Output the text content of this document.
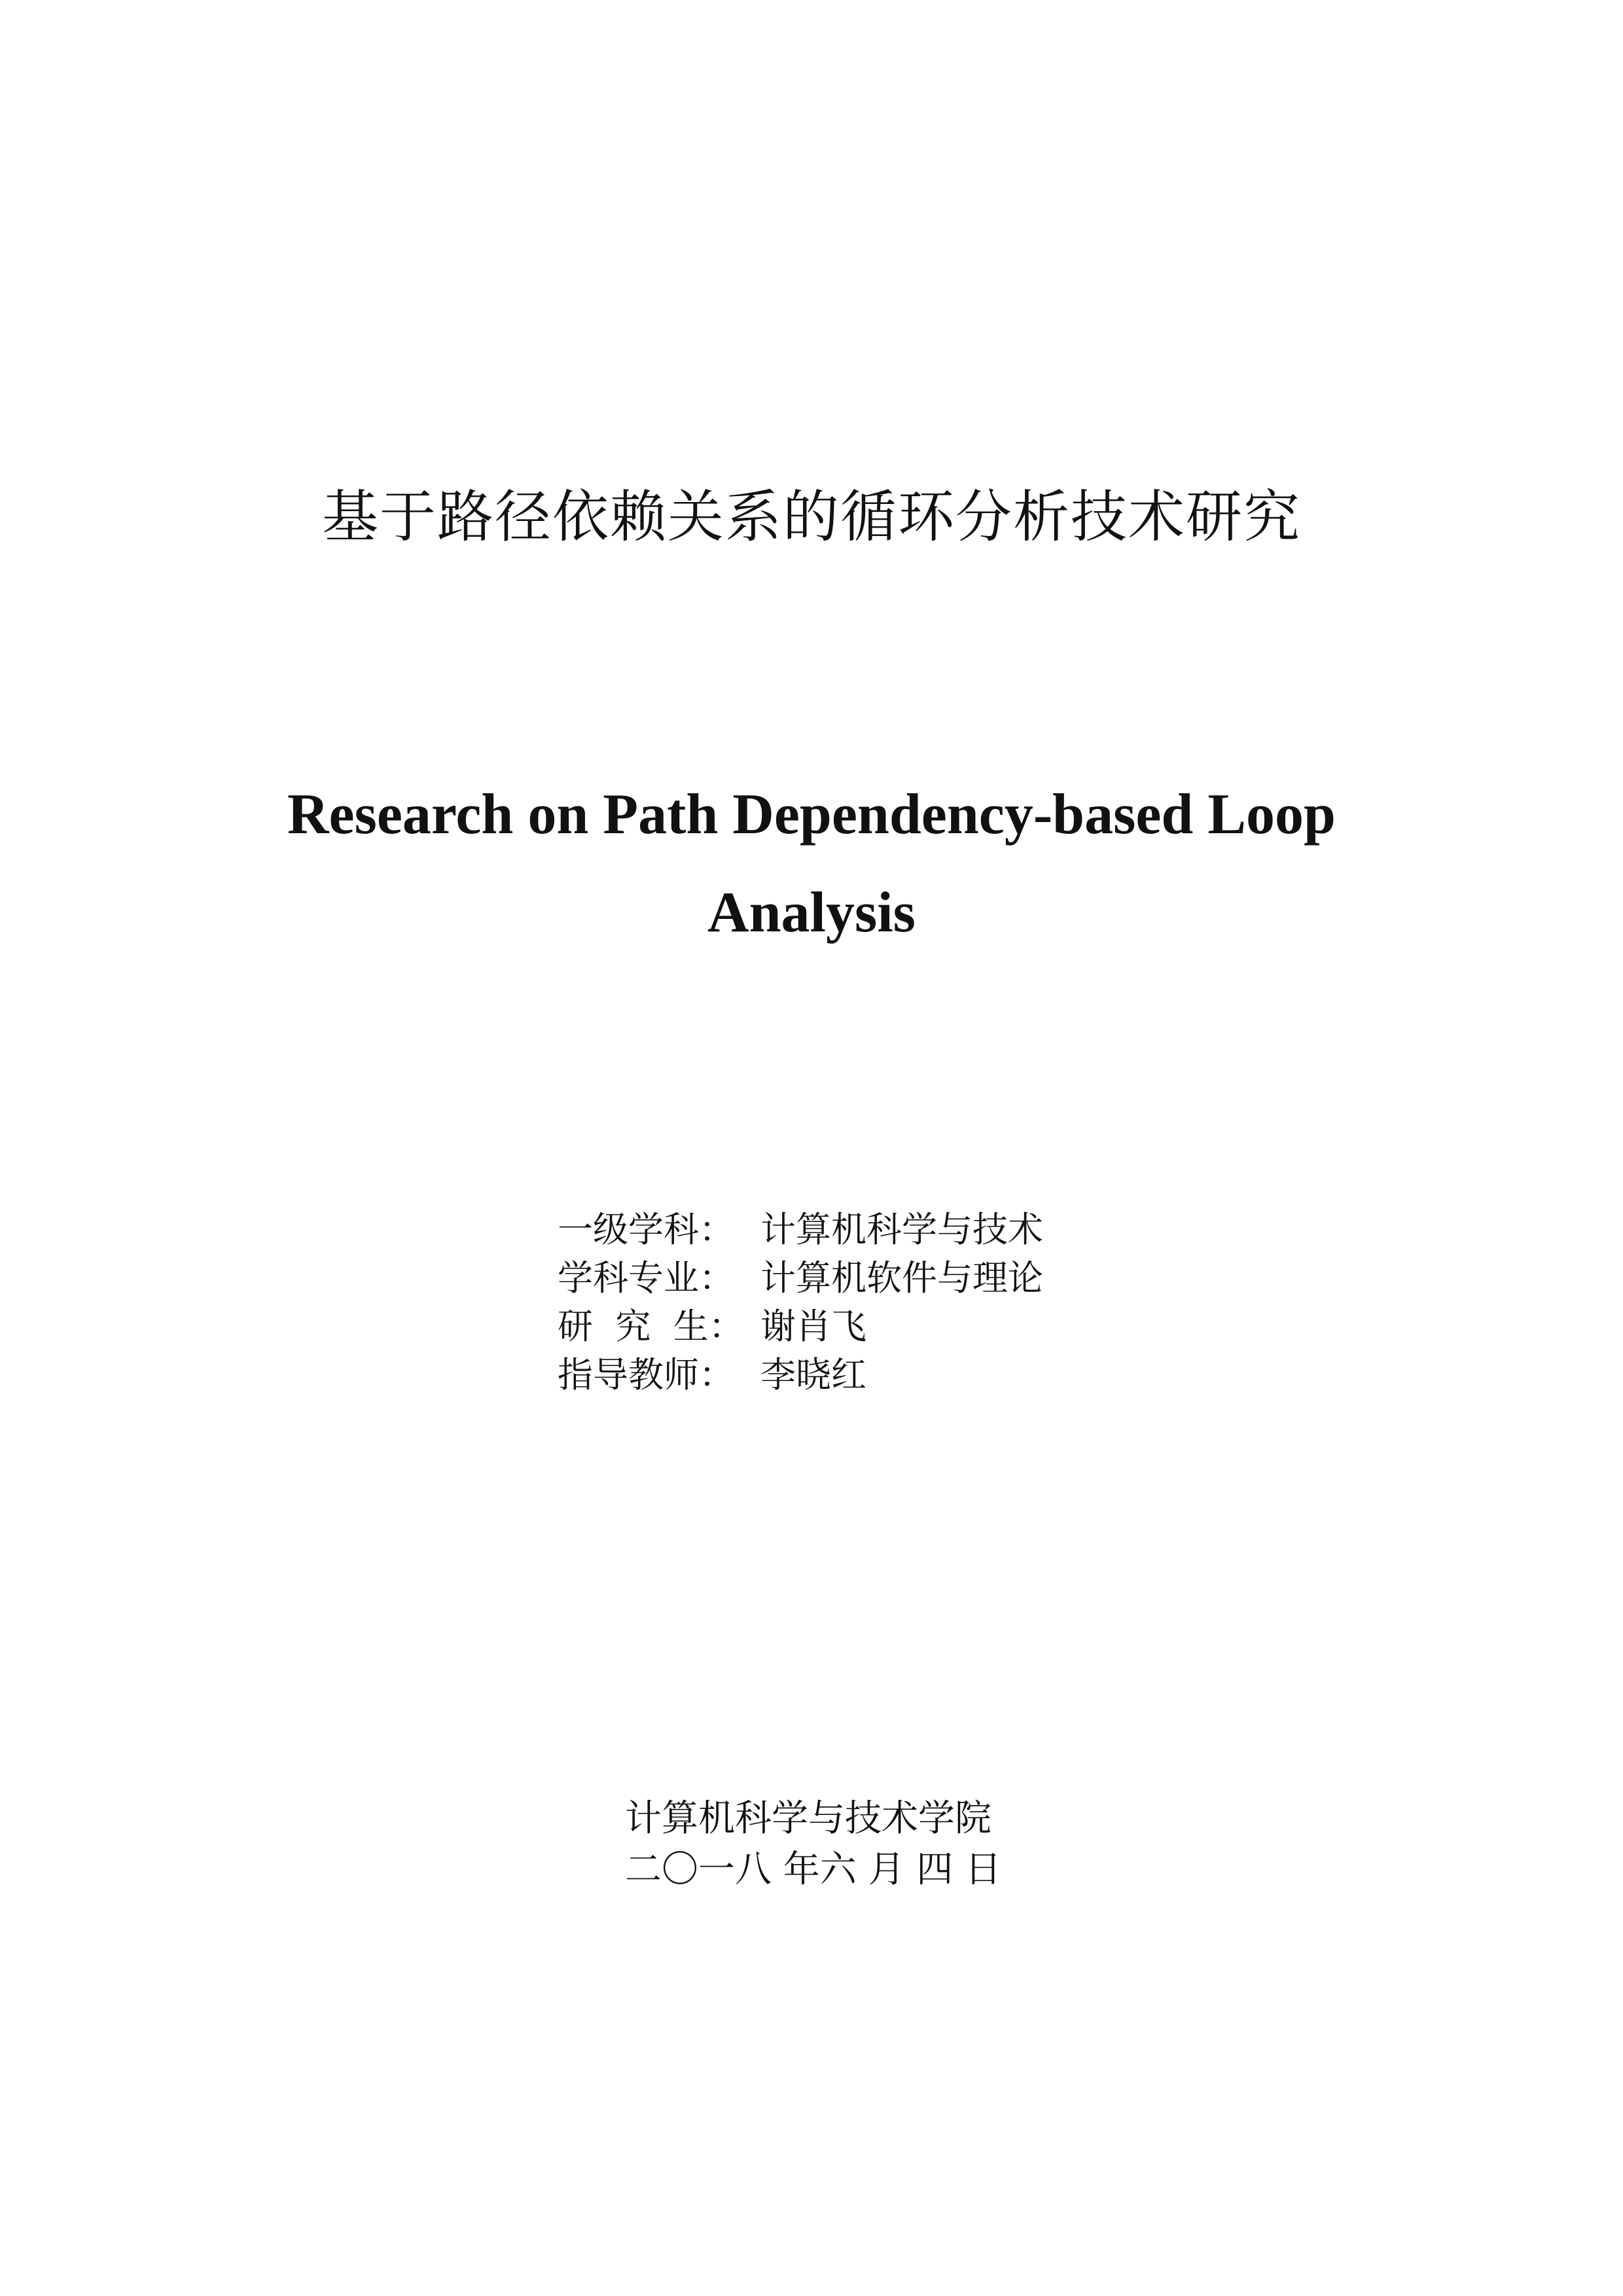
基于路径依赖关系的循环分析技术研究
Research on Path Dependency-based Loop
Analysis
一级学科： 计算机科学与技术
学科专业： 计算机软件与理论
研  究  生： 谢肖飞
指导教师： 李晓红
计算机科学与技术学院
二〇一八 年六 月 四 日
